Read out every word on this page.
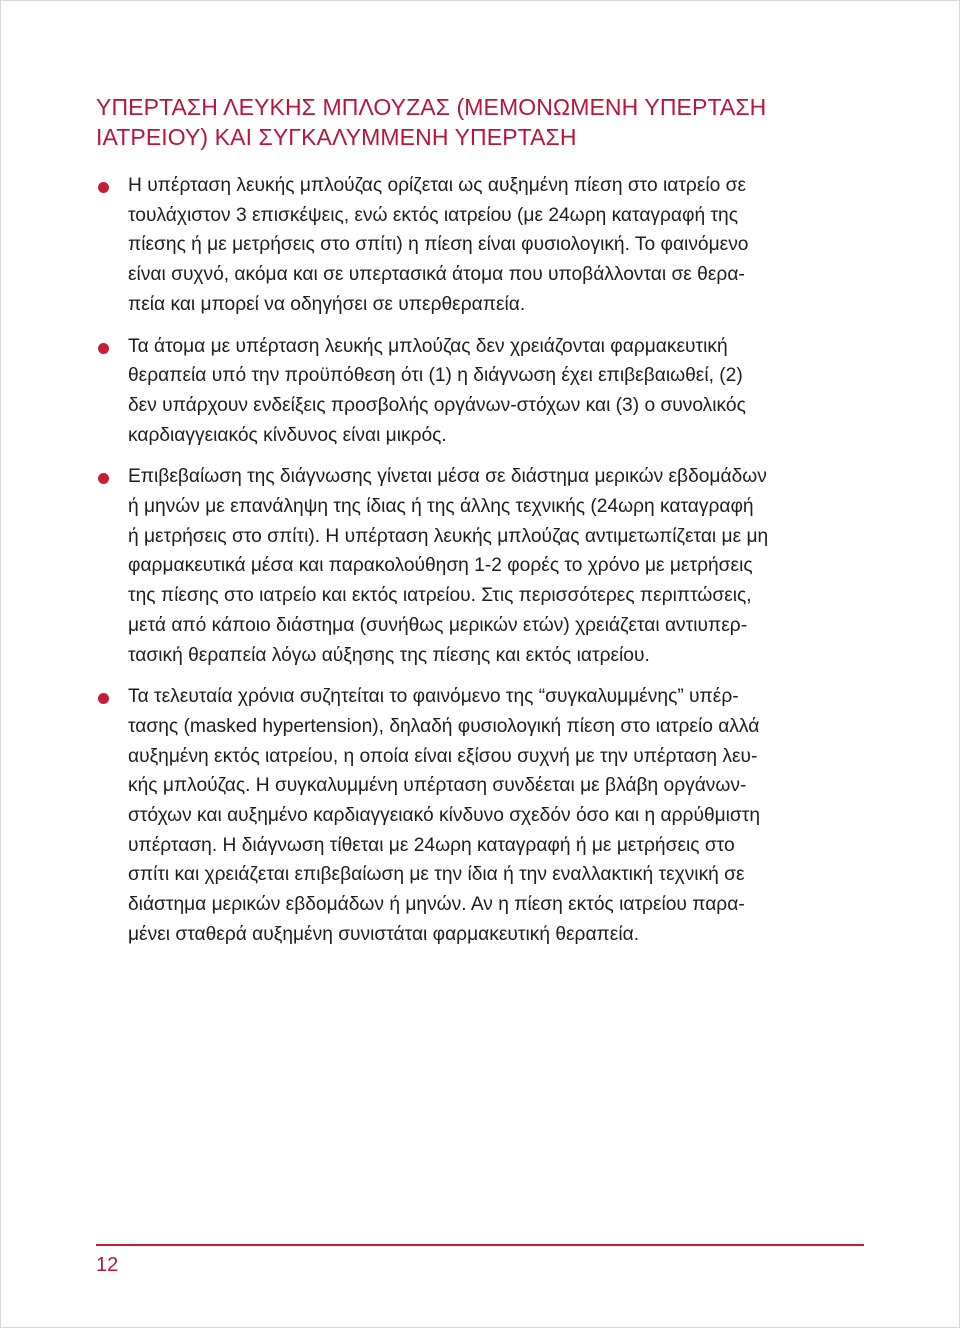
ΥΠΕΡΤΑΣΗ ΛΕΥΚΗΣ ΜΠΛΟΥΖΑΣ (ΜΕΜΟΝΩΜΕΝΗ ΥΠΕΡΤΑΣΗ
ΙΑΤΡΕΙΟΥ) ΚΑΙ ΣΥΓΚΑΛΥΜΜΕΝΗ ΥΠΕΡΤΑΣΗ
Η υπέρταση λευκής μπλούζας ορίζεται ως αυξημένη πίεση στο ιατρείο σε
τουλάχιστον 3 επισκέψεις, ενώ εκτός ιατρείου (με 24ωρη καταγραφή της
πίεσης ή με μετρήσεις στο σπίτι) η πίεση είναι φυσιολογική. Το φαινόμενο
είναι συχνό, ακόμα και σε υπερτασικά άτομα που υποβάλλονται σε θερα-
πεία και μπορεί να οδηγήσει σε υπερθεραπεία.
Τα άτομα με υπέρταση λευκής μπλούζας δεν χρειάζονται φαρμακευτική
θεραπεία υπό την προϋπόθεση ότι (1) η διάγνωση έχει επιβεβαιωθεί, (2)
δεν υπάρχουν ενδείξεις προσβολής οργάνων-στόχων και (3) ο συνολικός
καρδιαγγειακός κίνδυνος είναι μικρός.
Επιβεβαίωση της διάγνωσης γίνεται μέσα σε διάστημα μερικών εβδομάδων
ή μηνών με επανάληψη της ίδιας ή της άλλης τεχνικής (24ωρη καταγραφή
ή μετρήσεις στο σπίτι). Η υπέρταση λευκής μπλούζας αντιμετωπίζεται με μη
φαρμακευτικά μέσα και παρακολούθηση 1-2 φορές το χρόνο με μετρήσεις
της πίεσης στο ιατρείο και εκτός ιατρείου. Στις περισσότερες περιπτώσεις,
μετά από κάποιο διάστημα (συνήθως μερικών ετών) χρειάζεται αντιυπερ-
τασική θεραπεία λόγω αύξησης της πίεσης και εκτός ιατρείου.
Τα τελευταία χρόνια συζητείται το φαινόμενο της “συγκαλυμμένης” υπέρ-
τασης (masked hypertension), δηλαδή φυσιολογική πίεση στο ιατρείο αλλά
αυξημένη εκτός ιατρείου, η οποία είναι εξίσου συχνή με την υπέρταση λευ-
κής μπλούζας. Η συγκαλυμμένη υπέρταση συνδέεται με βλάβη οργάνων-
στόχων και αυξημένο καρδιαγγειακό κίνδυνο σχεδόν όσο και η αρρύθμιστη
υπέρταση. Η διάγνωση τίθεται με 24ωρη καταγραφή ή με μετρήσεις στο
σπίτι και χρειάζεται επιβεβαίωση με την ίδια ή την εναλλακτική τεχνική σε
διάστημα μερικών εβδομάδων ή μηνών. Αν η πίεση εκτός ιατρείου παρα-
μένει σταθερά αυξημένη συνιστάται φαρμακευτική θεραπεία.
12
